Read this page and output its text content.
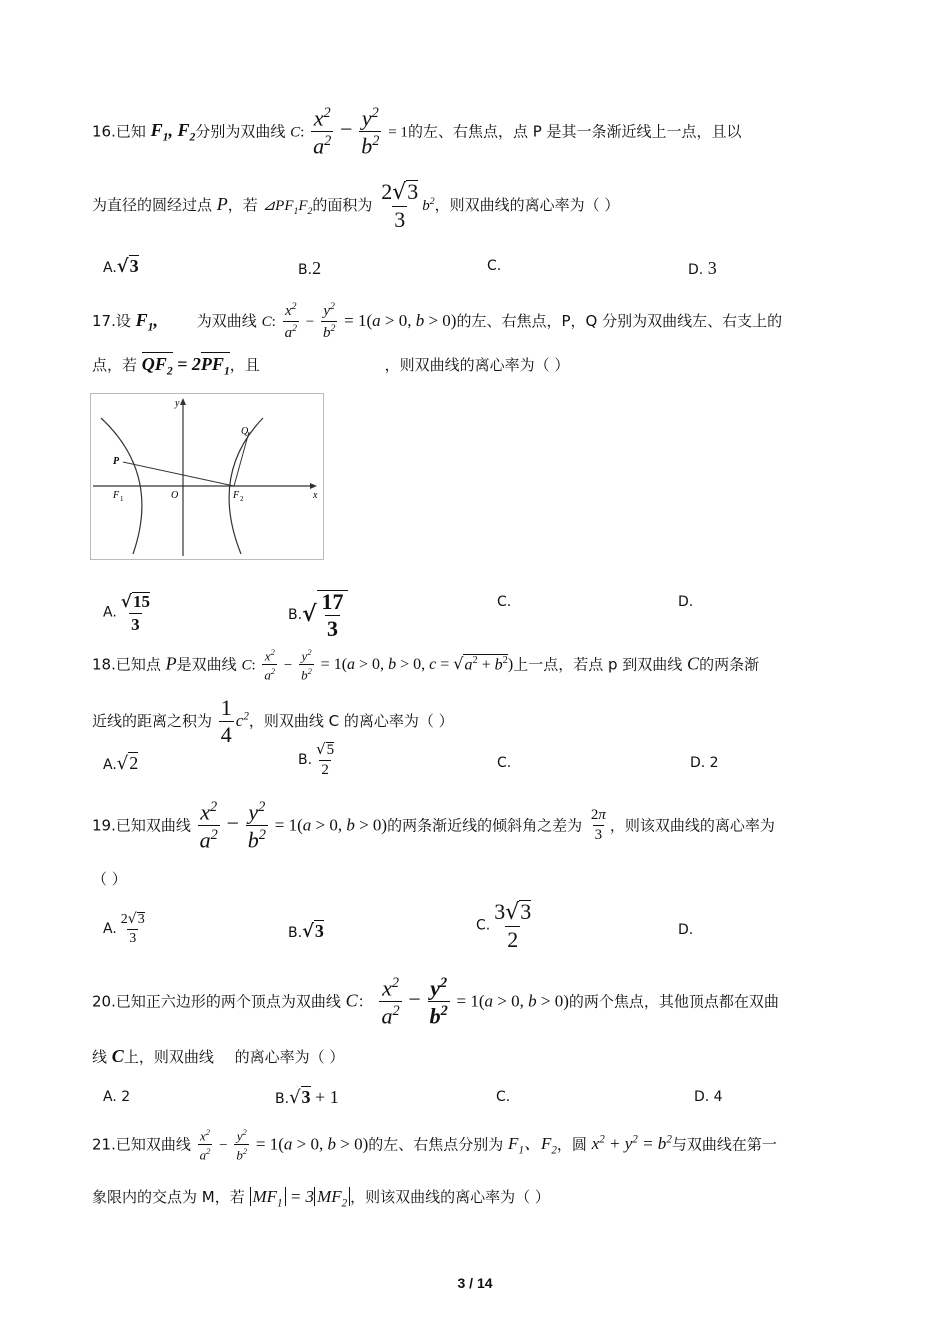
16.已知 $F_1$, $F_2$分别为双曲线 C: $\frac{x^2}{a^2} - \frac{y^2}{b^2} = 1$的左、右焦点，点 P 是其一条渐近线上一点，且以
为直径的圆经过点 P，若 $⊿PF_1F_2$的面积为 $\frac{2√3}{3} b^2$，则双曲线的离心率为（ ）
A.√3	B.2	C.	D. 3
17.设 $F_1$,	为双曲线 C: $\frac{x^2}{a^2} - \frac{y^2}{b^2} = 1(a > 0$, b > 0)的左、右焦点，P，Q 分别为双曲线左、右支上的
点，若 $QF_2 = 2PF_1$，且	，则双曲线的离心率为（ ）
x
y
O
P
Q
F 1	F 2
A. $\frac{√15}{3}$	$B.√ \frac{17}{3}$	C.	D.
18.已知点 P是双曲线 C: $\frac{x^2}{a^2} - \frac{y^2}{b^2} = 1(a > 0$, b > 0, $c = √a^2 + b^2$)上一点，若点 p 到双曲线 C的两条渐
近线的距离之积为 $\frac{1}{4} c^2$，则双曲线 C 的离心率为（ ）
A.√2	B. $\frac{√5}{2}$	C.	D. 2
19.已知双曲线 $\frac{x^2}{a^2} - \frac{y^2}{b^2} = 1(a > 0$, b > 0)的两条渐近线的倾斜角之差为 $\frac{2\pi}{3}$ ，则该双曲线的离心率为
（ ）
A. $\frac{2√3}{3}$	B.√3	C. $\frac{3√3}{2}$	D.
20.已知正六边形的两个顶点为双曲线 C： $\frac{x^2}{a^2} - \frac{y^2}{b^2} = 1(a > 0$, b > 0)的两个焦点，其他顶点都在双曲
线 C上，则双曲线 的离心率为（ ）
A. 2	B.√3 + 1	C.	D. 4
21.已知双曲线 $\frac{x^2}{a^2} - \frac{y^2}{b^2} = 1(a > 0$, b > 0)的左、右焦点分别为 $F_1$、$F_2$，圆 $x^2 + y^2 = b^2$与双曲线在第一
象限内的交点为 M，若 $MF_1 = 3$ $MF_2$ ，则该双曲线的离心率为（ ）
3 / 14
